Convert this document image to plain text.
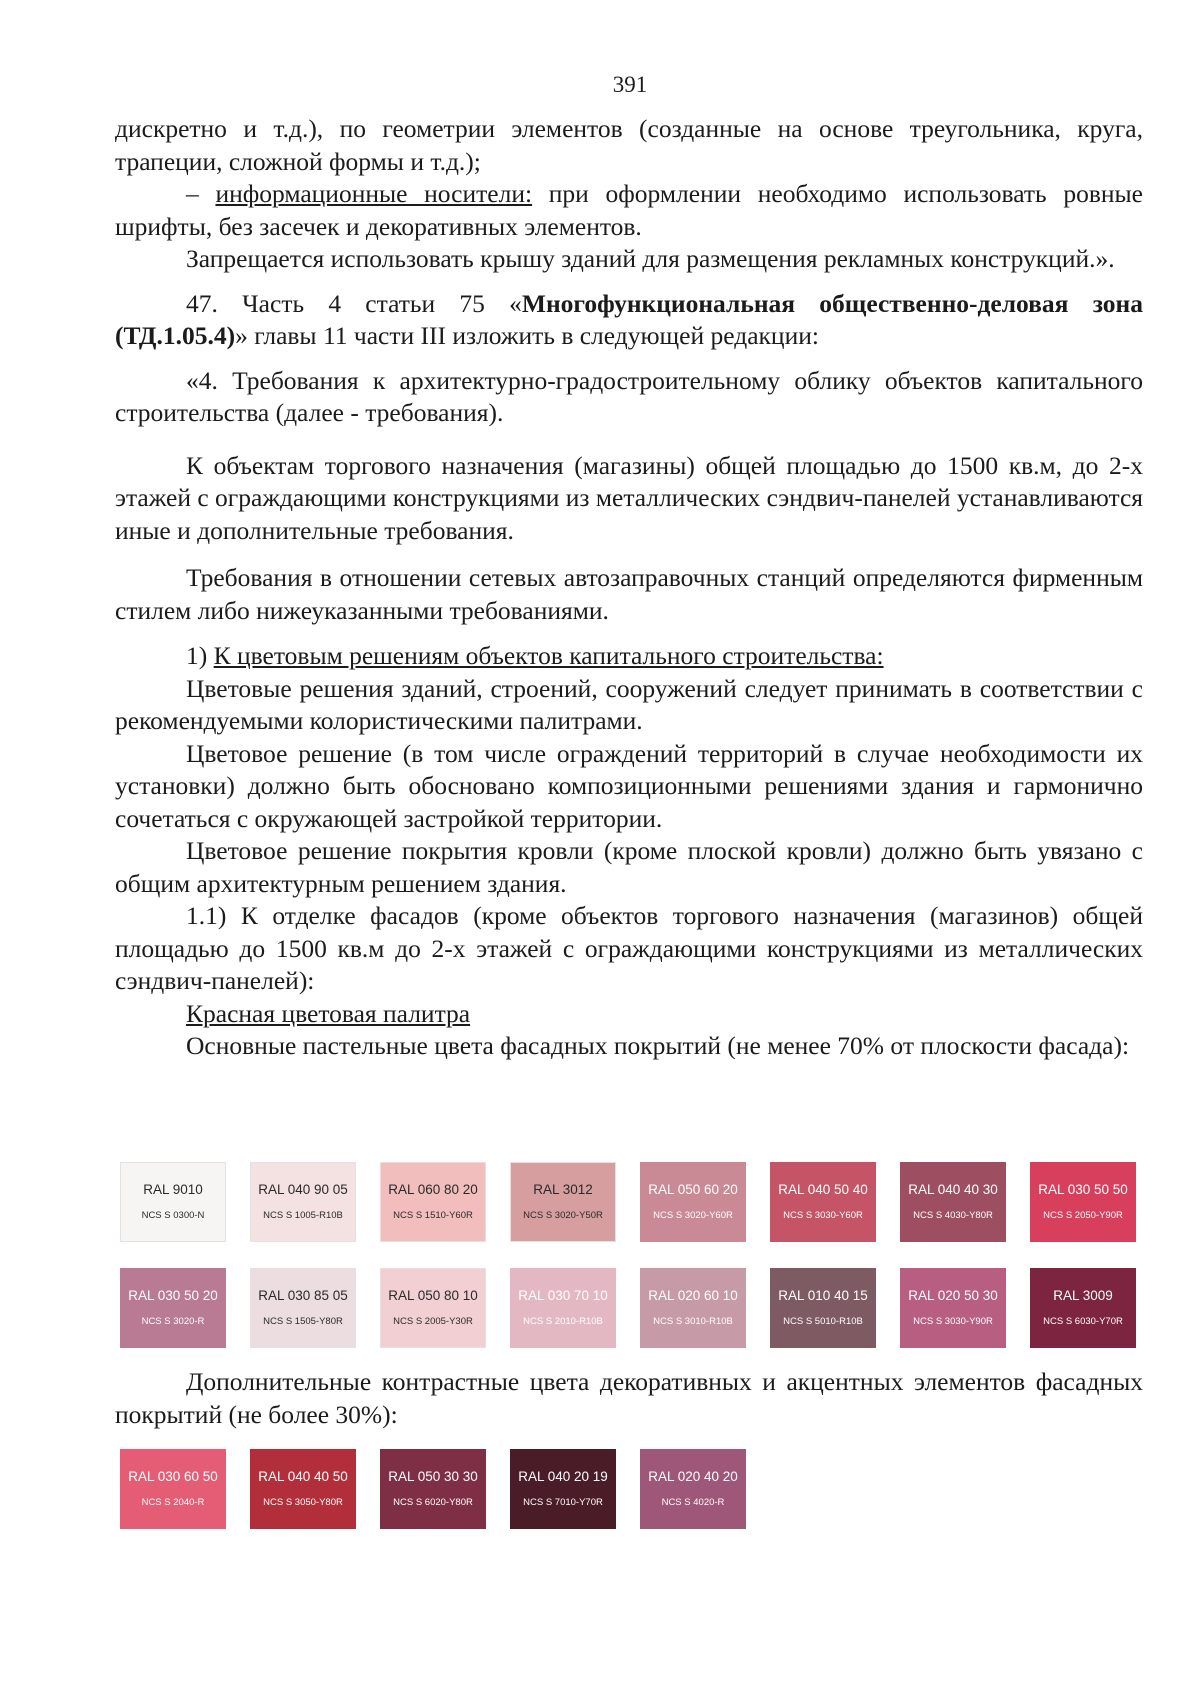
391

дискретно и т.д.), по геометрии элементов (созданные на основе треугольника, круга, трапеции, сложной формы и т.д.);

– информационные носители: при оформлении необходимо использовать ровные шрифты, без засечек и декоративных элементов.

Запрещается использовать крышу зданий для размещения рекламных конструкций.».

47. Часть 4 статьи 75 «Многофункциональная общественно-деловая зона (ТД.1.05.4)» главы 11 части III изложить в следующей редакции:

«4. Требования к архитектурно-градостроительному облику объектов капитального строительства (далее - требования).

К объектам торгового назначения (магазины) общей площадью до 1500 кв.м, до 2-х этажей с ограждающими конструкциями из металлических сэндвич-панелей устанавливаются иные и дополнительные требования.

Требования в отношении сетевых автозаправочных станций определяются фирменным стилем либо нижеуказанными требованиями.

1) К цветовым решениям объектов капитального строительства:

Цветовые решения зданий, строений, сооружений следует принимать в соответствии с рекомендуемыми колористическими палитрами.

Цветовое решение (в том числе ограждений территорий в случае необходимости их установки) должно быть обосновано композиционными решениями здания и гармонично сочетаться с окружающей застройкой территории.

Цветовое решение покрытия кровли (кроме плоской кровли) должно быть увязано с общим архитектурным решением здания.

1.1) К отделке фасадов (кроме объектов торгового назначения (магазинов) общей площадью до 1500 кв.м до 2-х этажей с ограждающими конструкциями из металлических сэндвич-панелей):

Красная цветовая палитра

Основные пастельные цвета фасадных покрытий (не менее 70% от плоскости фасада):

RAL 9010
NCS S 0300-N
RAL 040 90 05
NCS S 1005-R10B
RAL 060 80 20
NCS S 1510-Y60R
RAL 3012
NCS S 3020-Y50R
RAL 050 60 20
NCS S 3020-Y60R
RAL 040 50 40
NCS S 3030-Y60R
RAL 040 40 30
NCS S 4030-Y80R
RAL 030 50 50
NCS S 2050-Y90R
RAL 030 50 20
NCS S 3020-R
RAL 030 85 05
NCS S 1505-Y80R
RAL 050 80 10
NCS S 2005-Y30R
RAL 030 70 10
NCS S 2010-R10B
RAL 020 60 10
NCS S 3010-R10B
RAL 010 40 15
NCS S 5010-R10B
RAL 020 50 30
NCS S 3030-Y90R
RAL 3009
NCS S 6030-Y70R

Дополнительные контрастные цвета декоративных и акцентных элементов фасадных покрытий (не более 30%):

RAL 030 60 50
NCS S 2040-R
RAL 040 40 50
NCS S 3050-Y80R
RAL 050 30 30
NCS S 6020-Y80R
RAL 040 20 19
NCS S 7010-Y70R
RAL 020 40 20
NCS S 4020-R
